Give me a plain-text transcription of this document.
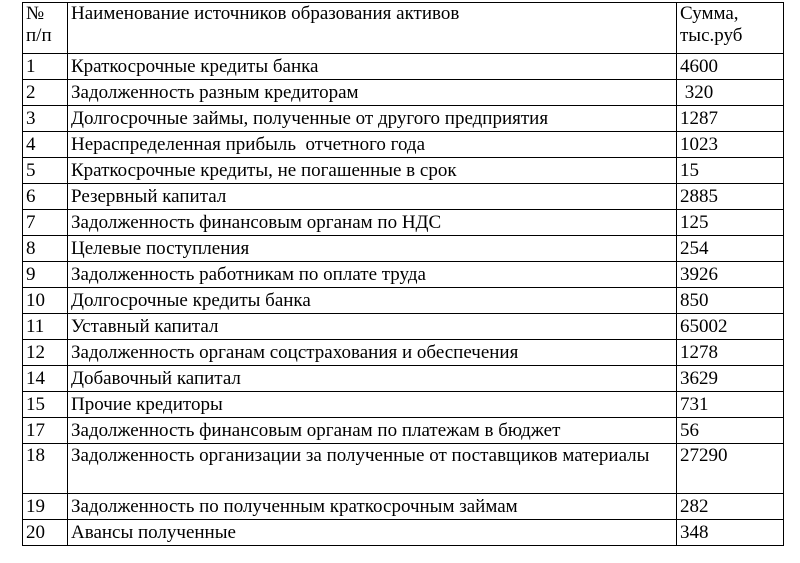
№ п/п	Наименование источников образования активов	Сумма, тыс.руб
1	Краткосрочные кредиты банка	4600
2	Задолженность разным кредиторам	320
3	Долгосрочные займы, полученные от другого предприятия	1287
4	Нераспределенная прибыль  отчетного года	1023
5	Краткосрочные кредиты, не погашенные в срок	15
6	Резервный капитал	2885
7	Задолженность финансовым органам по НДС	125
8	Целевые поступления	254
9	Задолженность работникам по оплате труда	3926
10	Долгосрочные кредиты банка	850
11	Уставный капитал	65002
12	Задолженность органам соцстрахования и обеспечения	1278
14	Добавочный капитал	3629
15	Прочие кредиторы	731
17	Задолженность финансовым органам по платежам в бюджет	56
18	Задолженность организации за полученные от поставщиков материалы	27290
19	Задолженность по полученным краткосрочным займам	282
20	Авансы полученные	348
